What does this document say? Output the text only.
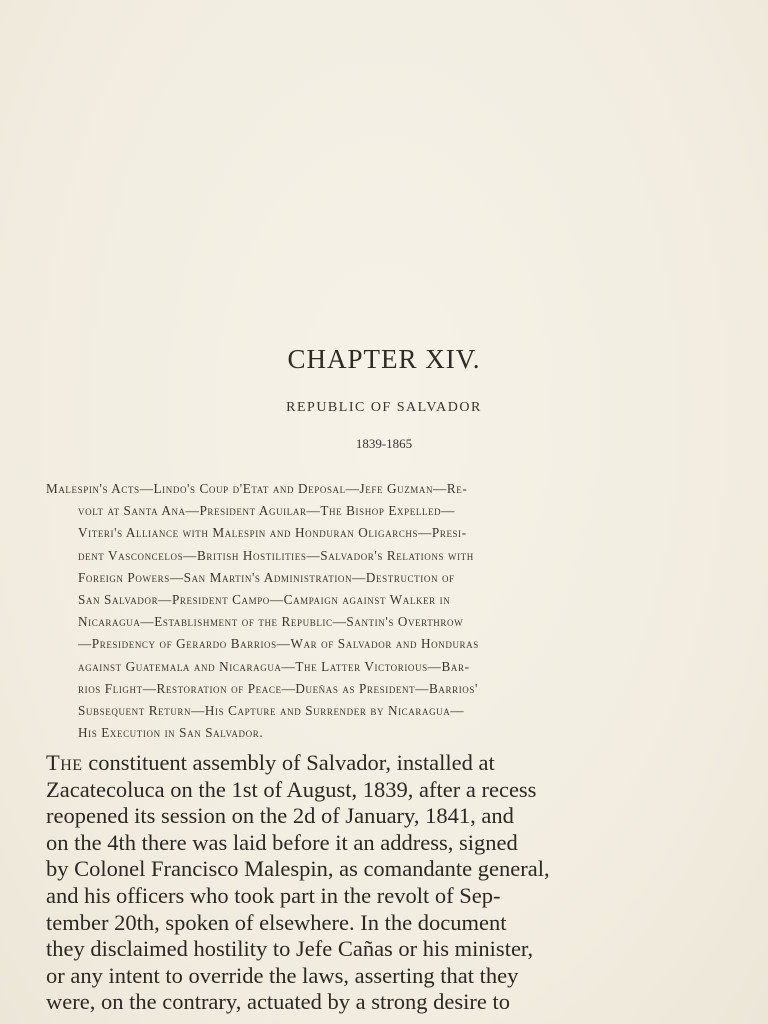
CHAPTER XIV.
REPUBLIC OF SALVADOR
1839-1865
Malespin's Acts—Lindo's Coup d'Etat and Deposal—Jefe Guzman—Re-
volt at Santa Ana—President Aguilar—The Bishop Expelled—
Viteri's Alliance with Malespin and Honduran Oligarchs—Presi-
dent Vasconcelos—British Hostilities—Salvador's Relations with
Foreign Powers—San Martin's Administration—Destruction of
San Salvador—President Campo—Campaign against Walker in
Nicaragua—Establishment of the Republic—Santin's Overthrow
—Presidency of Gerardo Barrios—War of Salvador and Honduras
against Guatemala and Nicaragua—The Latter Victorious—Bar-
rios Flight—Restoration of Peace—Dueñas as President—Barrios'
Subsequent Return—His Capture and Surrender by Nicaragua—
His Execution in San Salvador.
The constituent assembly of Salvador, installed at
Zacatecoluca on the 1st of August, 1839, after a recess
reopened its session on the 2d of January, 1841, and
on the 4th there was laid before it an address, signed
by Colonel Francisco Malespin, as comandante general,
and his officers who took part in the revolt of Sep-
tember 20th, spoken of elsewhere. In the document
they disclaimed hostility to Jefe Cañas or his minister,
or any intent to override the laws, asserting that they
were, on the contrary, actuated by a strong desire to
